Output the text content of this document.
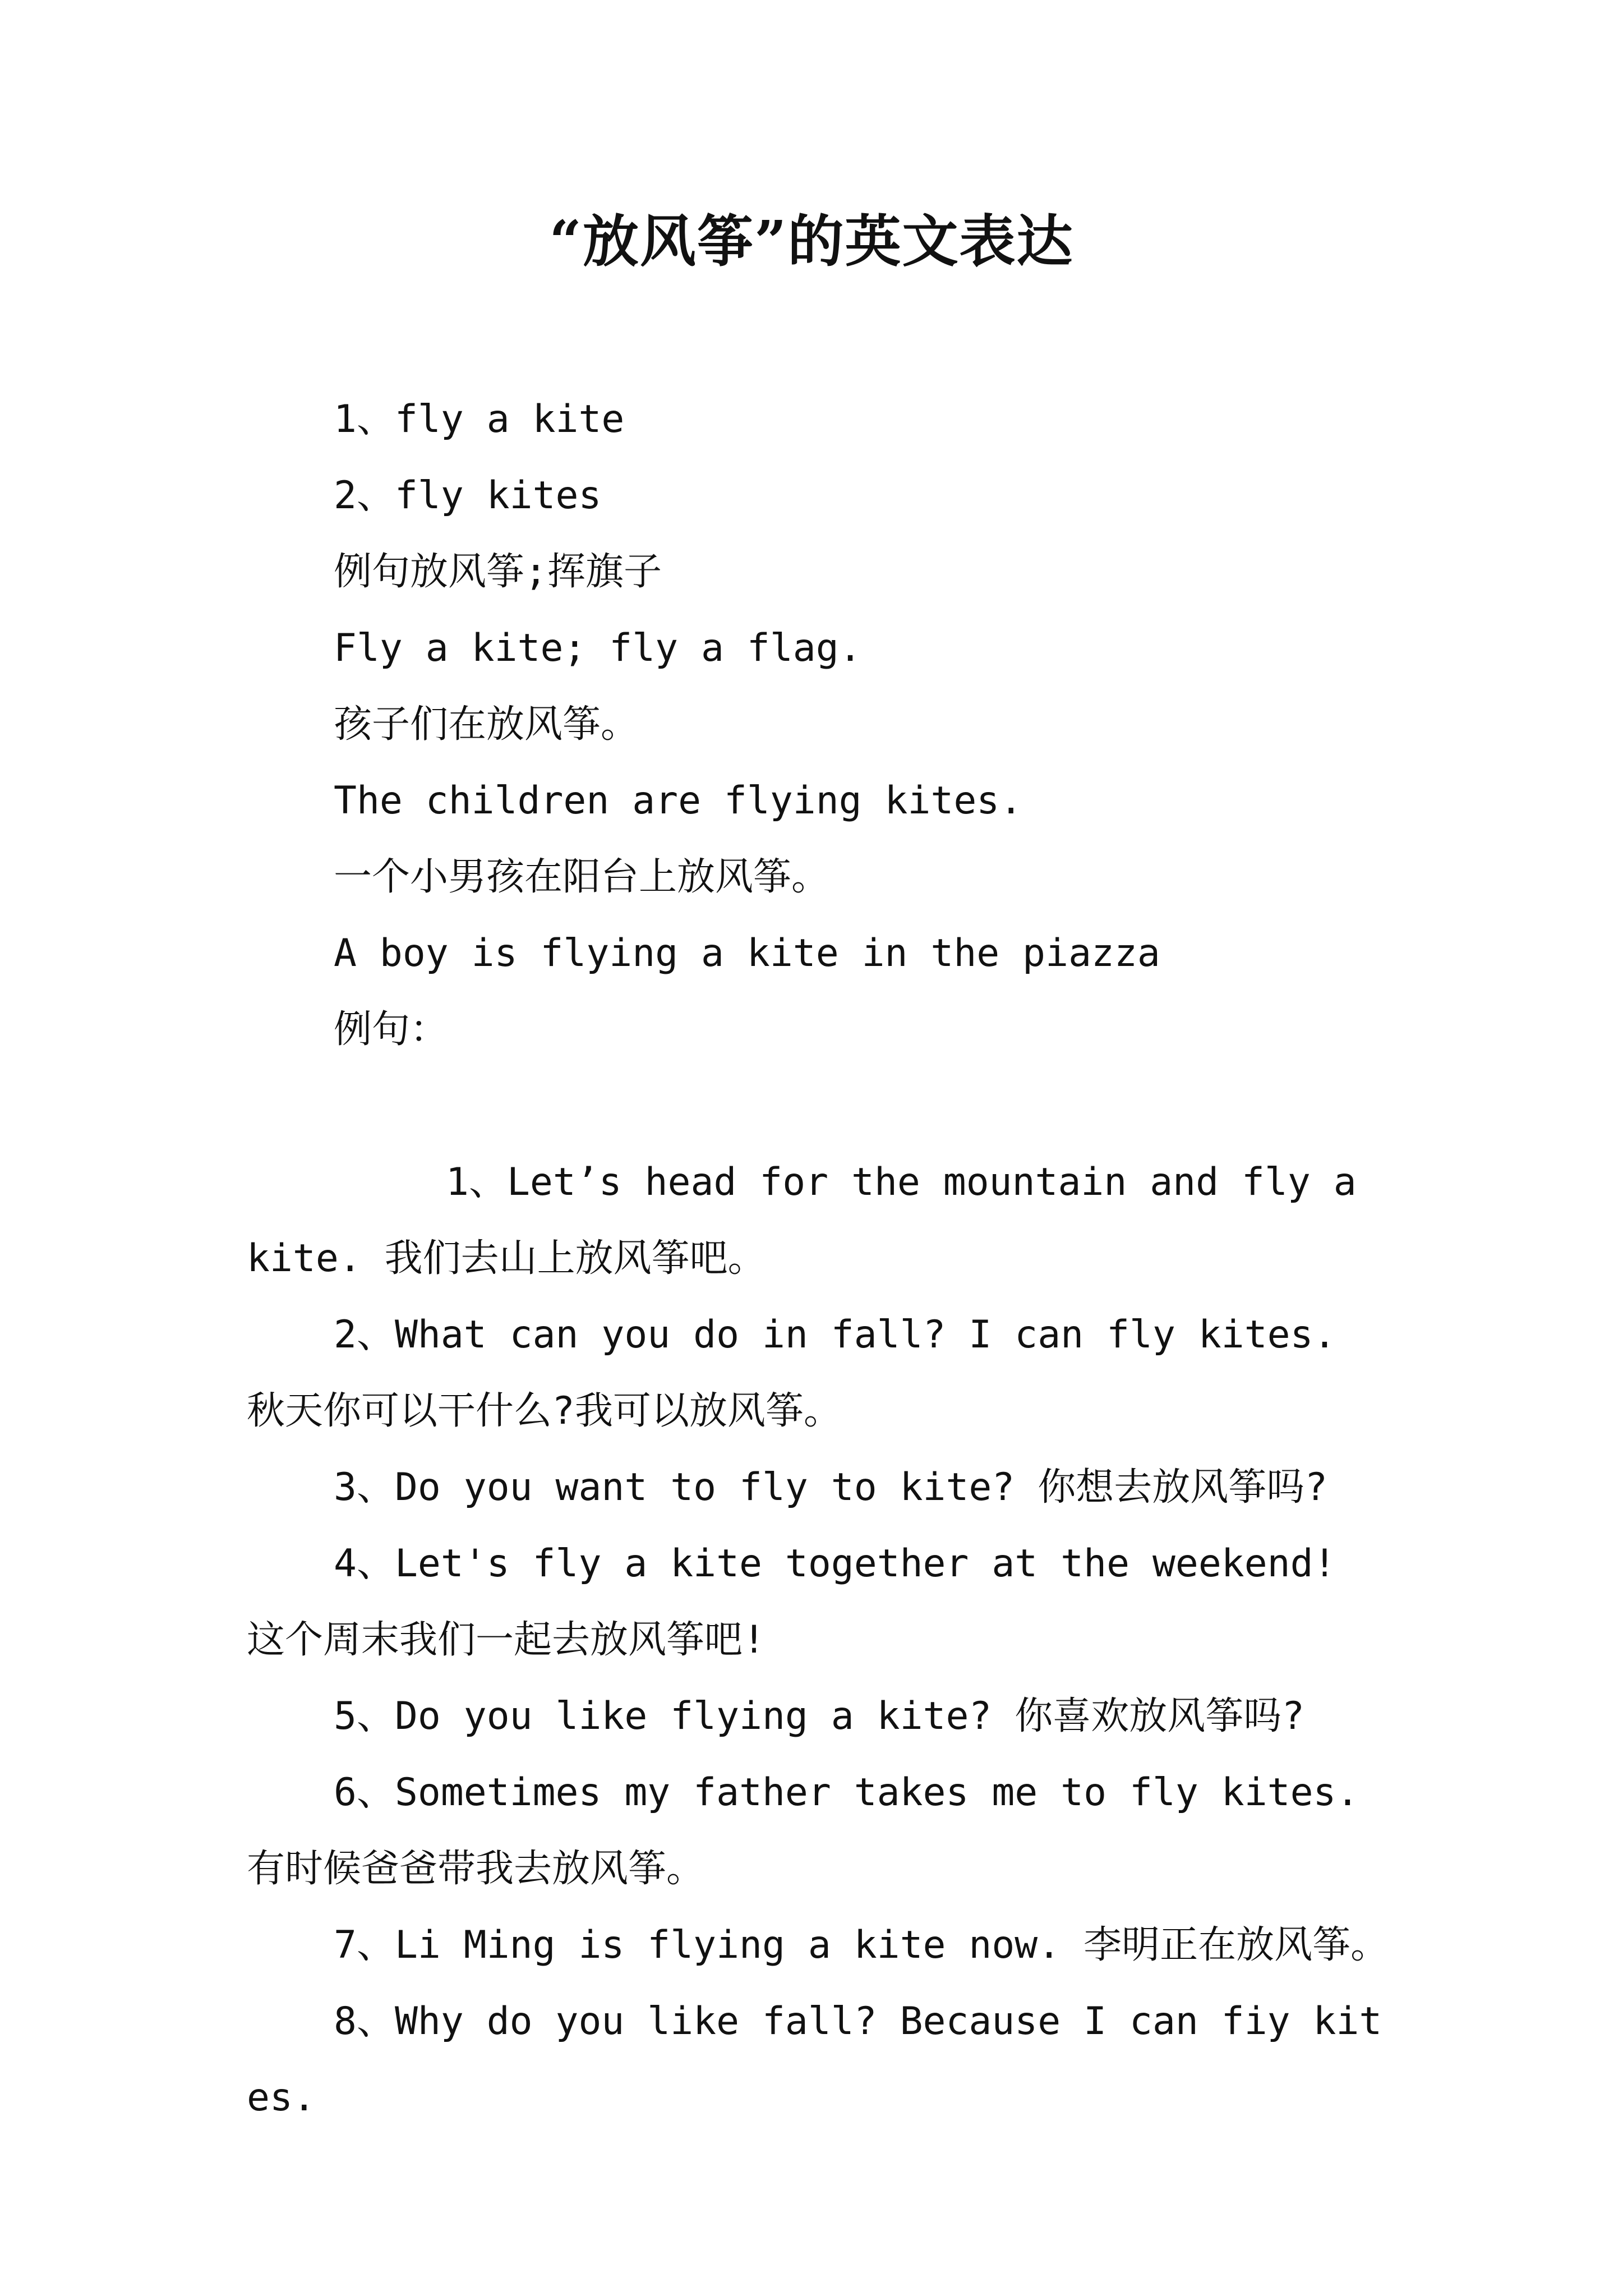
“放风筝”的英文表达
1、fly a kite
2、fly kites
例句放风筝;挥旗子
Fly a kite; fly a flag.
孩子们在放风筝。
The children are flying kites.
一个小男孩在阳台上放风筝。
A boy is flying a kite in the piazza
例句：
1、Let’s head for the mountain and fly a kite. 我们去山上放风筝吧。
2、What can you do in fall? I can fly kites. 秋天你可以干什么?我可以放风筝。
3、Do you want to fly to kite? 你想去放风筝吗?
4、Let's fly a kite together at the weekend! 这个周末我们一起去放风筝吧!
5、Do you like flying a kite? 你喜欢放风筝吗?
6、Sometimes my father takes me to fly kites. 有时候爸爸带我去放风筝。
7、Li Ming is flying a kite now. 李明正在放风筝。
8、Why do you like fall? Because I can fiy kites.
